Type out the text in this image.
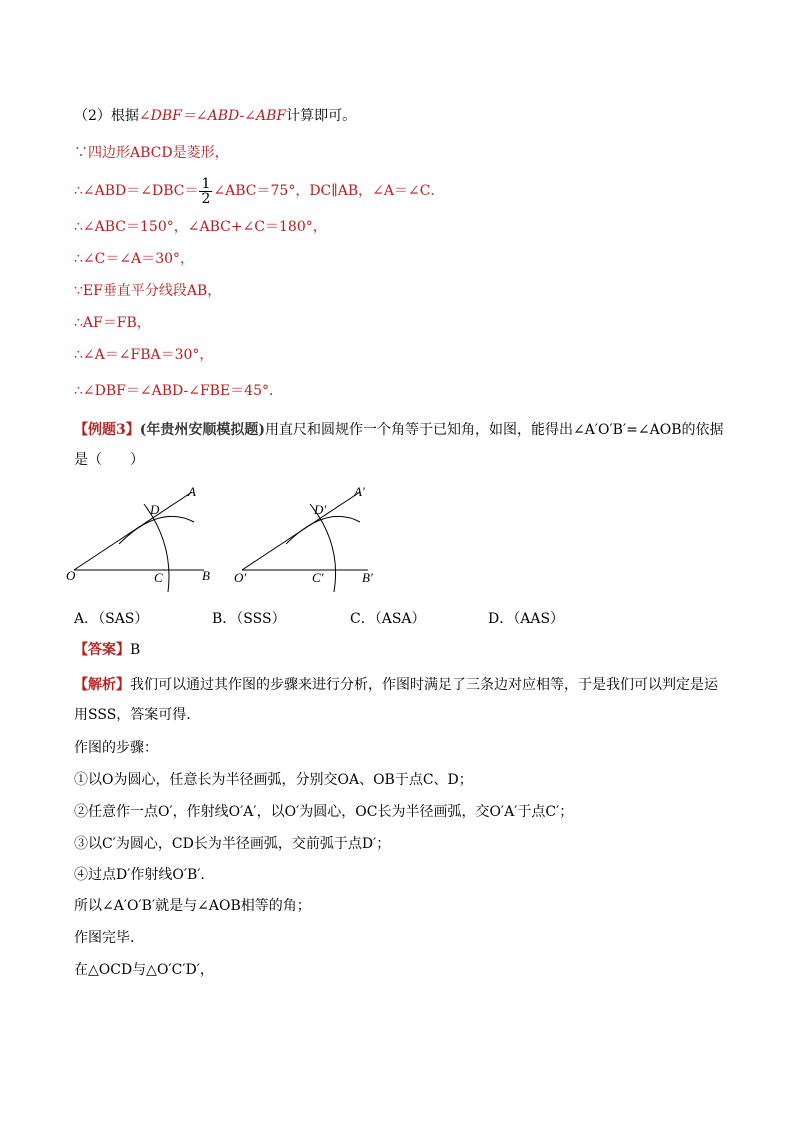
（2）根据∠DBF＝∠ABD-∠ABF计算即可。
∵四边形ABCD是菱形，
∴∠ABD＝∠DBC＝ $\frac{1}{2}$ ∠ABC＝75°，DC∥AB，∠A＝∠C．
∴∠ABC＝150°，∠ABC+∠C＝180°，
∴∠C＝∠A＝30°，
∵EF垂直平分线段AB，
∴AF＝FB，
∴∠A＝∠FBA＝30°，
∴∠DBF＝∠ABD-∠FBE＝45°．
【例题3】(年贵州安顺模拟题)用直尺和圆规作一个角等于已知角，如图，能得出∠A′O′B′=∠AOB的依据
是（　　）
O
A
B
C
D
O′
A′
B′
C′
D′
A．（SAS）	B．（SSS）	C．（ASA）	D．（AAS）
【答案】B
【解析】我们可以通过其作图的步骤来进行分析，作图时满足了三条边对应相等，于是我们可以判定是运
用SSS，答案可得．
作图的步骤：
①以O为圆心，任意长为半径画弧，分别交OA、OB于点C、D；
②任意作一点O′，作射线O′A′，以O′为圆心，OC长为半径画弧，交O′A′于点C′；
③以C′为圆心，CD长为半径画弧，交前弧于点D′；
④过点D′作射线O′B′．
所以∠A′O′B′就是与∠AOB相等的角；
作图完毕．
在△OCD与△O′C′D′，
